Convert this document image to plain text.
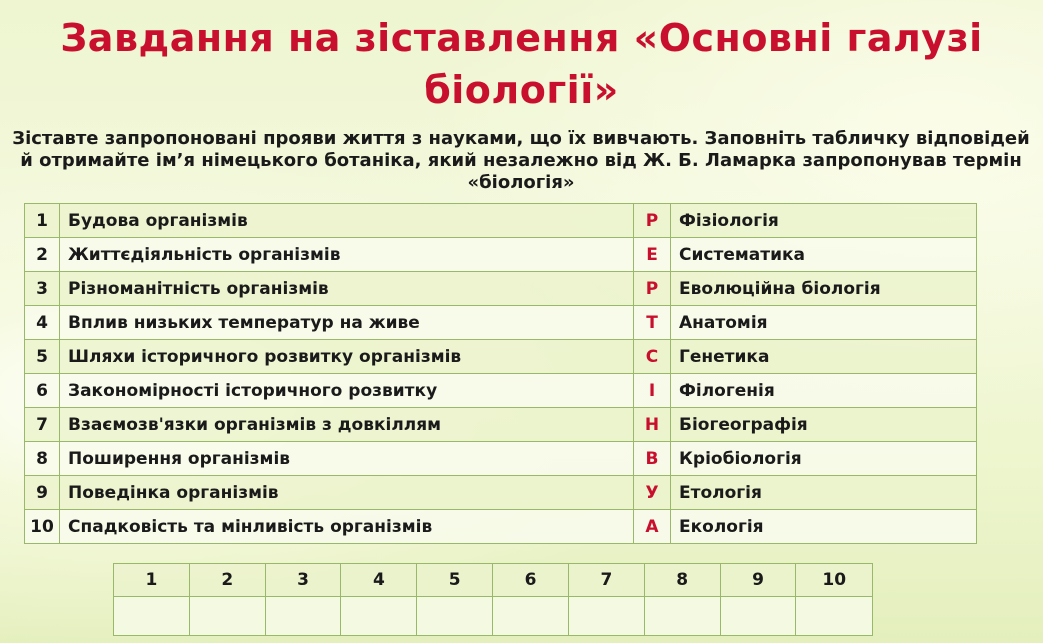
Завдання на зіставлення «Основні галузі біології»
Зіставте запропоновані прояви життя з науками, що їх вивчають. Заповніть табличку відповідей й отримайте ім’я німецького ботаніка, який незалежно від Ж. Б. Ламарка запропонував термін «біологія»
1	Будова організмів	Р	Фізіологія
2	Життєдіяльність організмів	Е	Систематика
3	Різноманітність організмів	Р	Еволюційна біологія
4	Вплив низьких температур на живе	Т	Анатомія
5	Шляхи історичного розвитку організмів	С	Генетика
6	Закономірності історичного розвитку	І	Філогенія
7	Взаємозв'язки організмів з довкіллям	Н	Біогеографія
8	Поширення організмів	В	Кріобіологія
9	Поведінка організмів	У	Етологія
10	Спадковість та мінливість організмів	А	Екологія
1	2	3	4	5	6	7	8	9	10
